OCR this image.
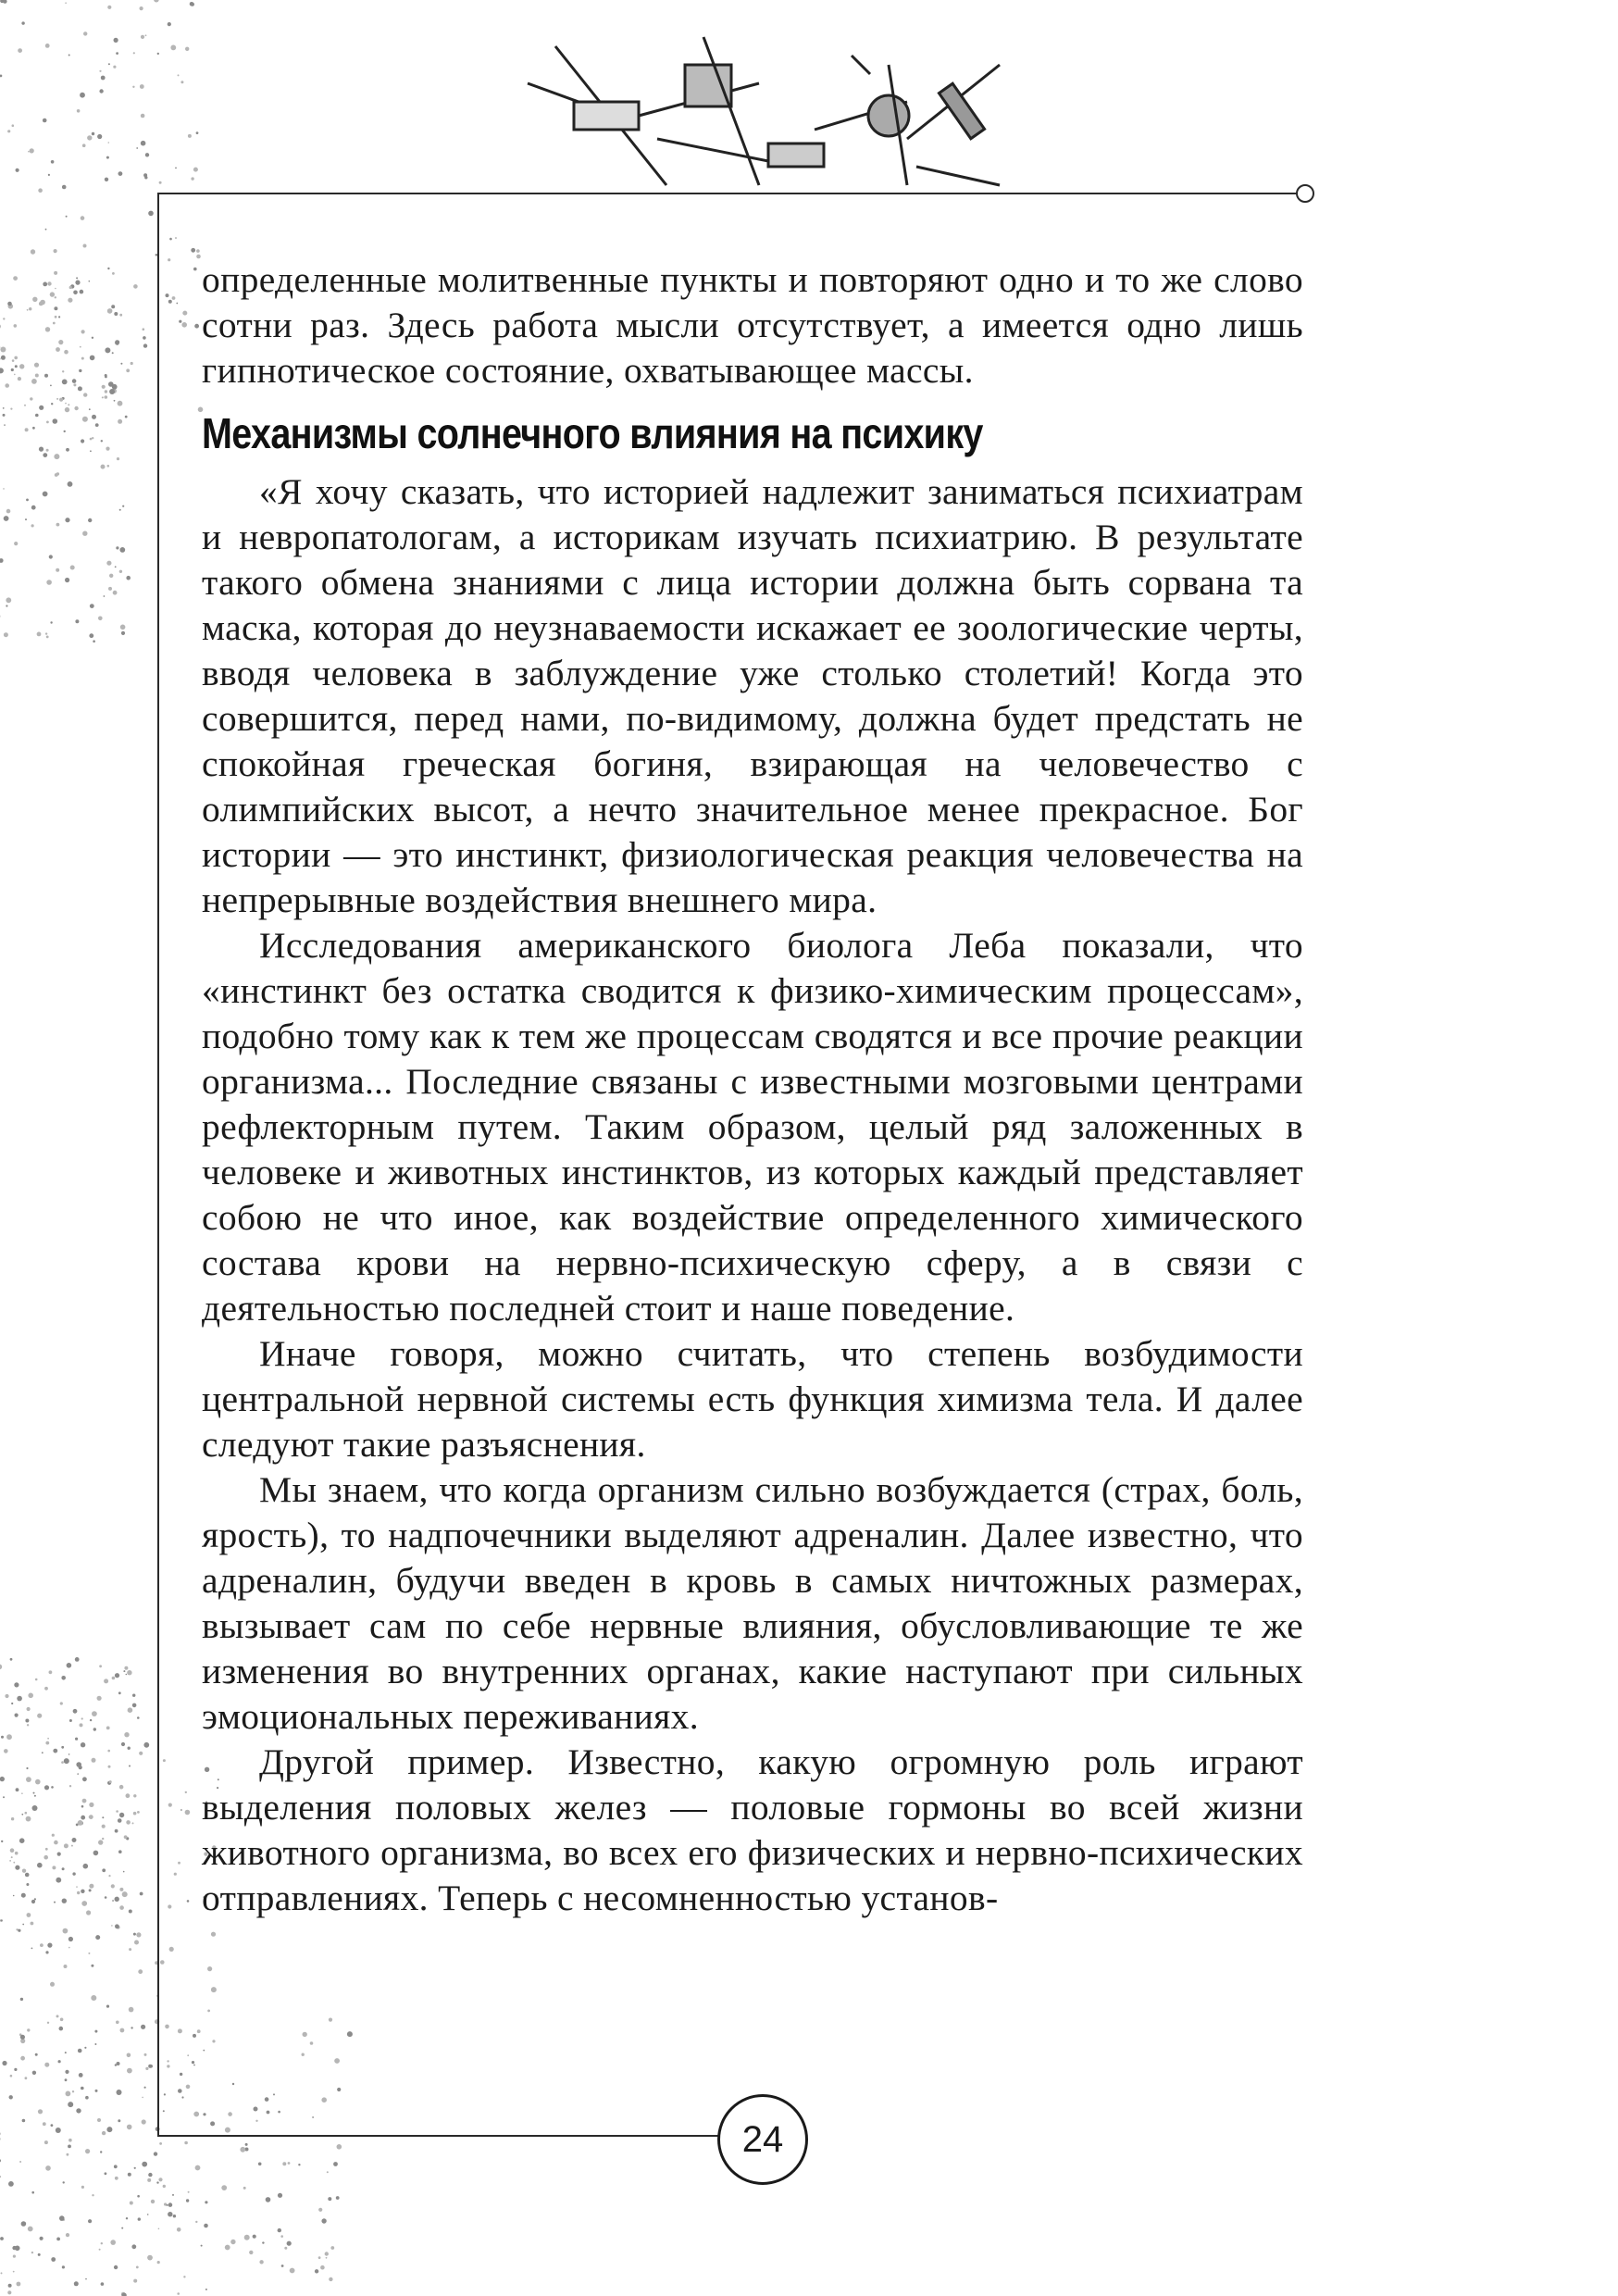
определенные молитвенные пункты и повторяют одно и то же слово сотни раз. Здесь работа мысли отсутствует, а имеется одно лишь гипнотическое состояние, охватывающее массы.

Механизмы солнечного влияния на психику

«Я хочу сказать, что историей надлежит заниматься психиатрам и невропатологам, а историкам изучать психиатрию. В результате такого обмена знаниями с лица истории должна быть сорвана та маска, которая до неузнаваемости искажает ее зоологические черты, вводя человека в заблуждение уже столько столетий! Когда это совершится, перед нами, по-видимому, должна будет предстать не спокойная греческая богиня, взирающая на человечество с олимпийских высот, а нечто значительное менее прекрасное. Бог истории — это инстинкт, физиологическая реакция человечества на непрерывные воздействия внешнего мира.

Исследования американского биолога Леба показали, что «инстинкт без остатка сводится к физико-химическим процессам», подобно тому как к тем же процессам сводятся и все прочие реакции организма... Последние связаны с известными мозговыми центрами рефлекторным путем. Таким образом, целый ряд заложенных в человеке и животных инстинктов, из которых каждый представляет собою не что иное, как воздействие определенного химического состава крови на нервно-психическую сферу, а в связи с деятельностью последней стоит и наше поведение.

Иначе говоря, можно считать, что степень возбудимости центральной нервной системы есть функция химизма тела. И далее следуют такие разъяснения.

Мы знаем, что когда организм сильно возбуждается (страх, боль, ярость), то надпочечники выделяют адреналин. Далее известно, что адреналин, будучи введен в кровь в самых ничтожных размерах, вызывает сам по себе нервные влияния, обусловливающие те же изменения во внутренних органах, какие наступают при сильных эмоциональных переживаниях.

Другой пример. Известно, какую огромную роль играют выделения половых желез — половые гормоны во всей жизни животного организма, во всех его физических и нервно-психических отправлениях. Теперь с несомненностью установ-

24
